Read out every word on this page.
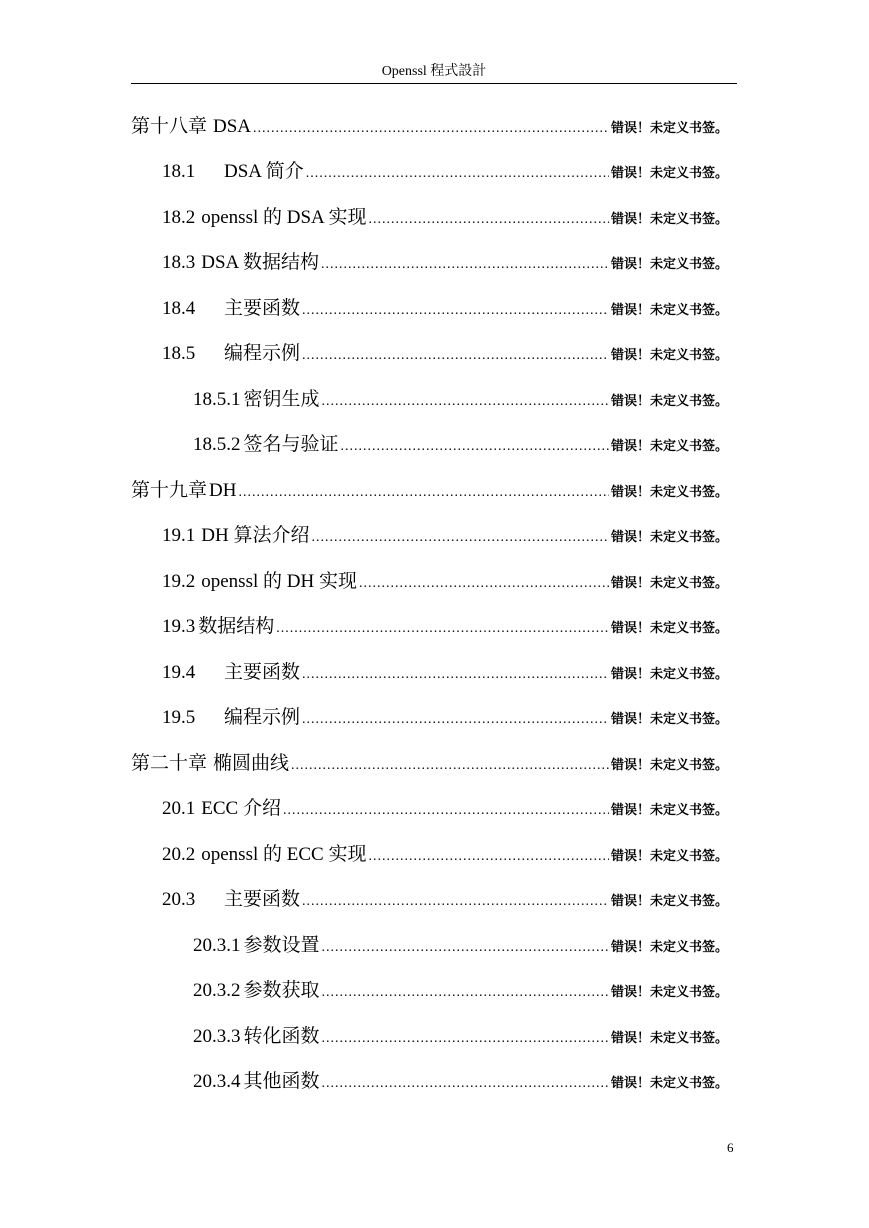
Openssl 程式設計
第十八章 DSA .....	错误！未定义书签。
18.1	DSA 简介 .....	错误！未定义书签。
18.2 openssl 的 DSA 实现 .....	错误！未定义书签。
18.3 DSA 数据结构 .....	错误！未定义书签。
18.4	主要函数 .....	错误！未定义书签。
18.5	编程示例 .....	错误！未定义书签。
18.5.1 密钥生成 .....	错误！未定义书签。
18.5.2 签名与验证 .....	错误！未定义书签。
第十九章 DH .....	错误！未定义书签。
19.1 DH 算法介绍 .....	错误！未定义书签。
19.2 openssl 的 DH 实现 .....	错误！未定义书签。
19.3 数据结构 .....	错误！未定义书签。
19.4	主要函数 .....	错误！未定义书签。
19.5	编程示例 .....	错误！未定义书签。
第二十章 椭圆曲线 .....	错误！未定义书签。
20.1 ECC 介绍 .....	错误！未定义书签。
20.2 openssl 的 ECC 实现 .....	错误！未定义书签。
20.3	主要函数 .....	错误！未定义书签。
20.3.1 参数设置 .....	错误！未定义书签。
20.3.2 参数获取 .....	错误！未定义书签。
20.3.3 转化函数 .....	错误！未定义书签。
20.3.4 其他函数 .....	错误！未定义书签。
6
